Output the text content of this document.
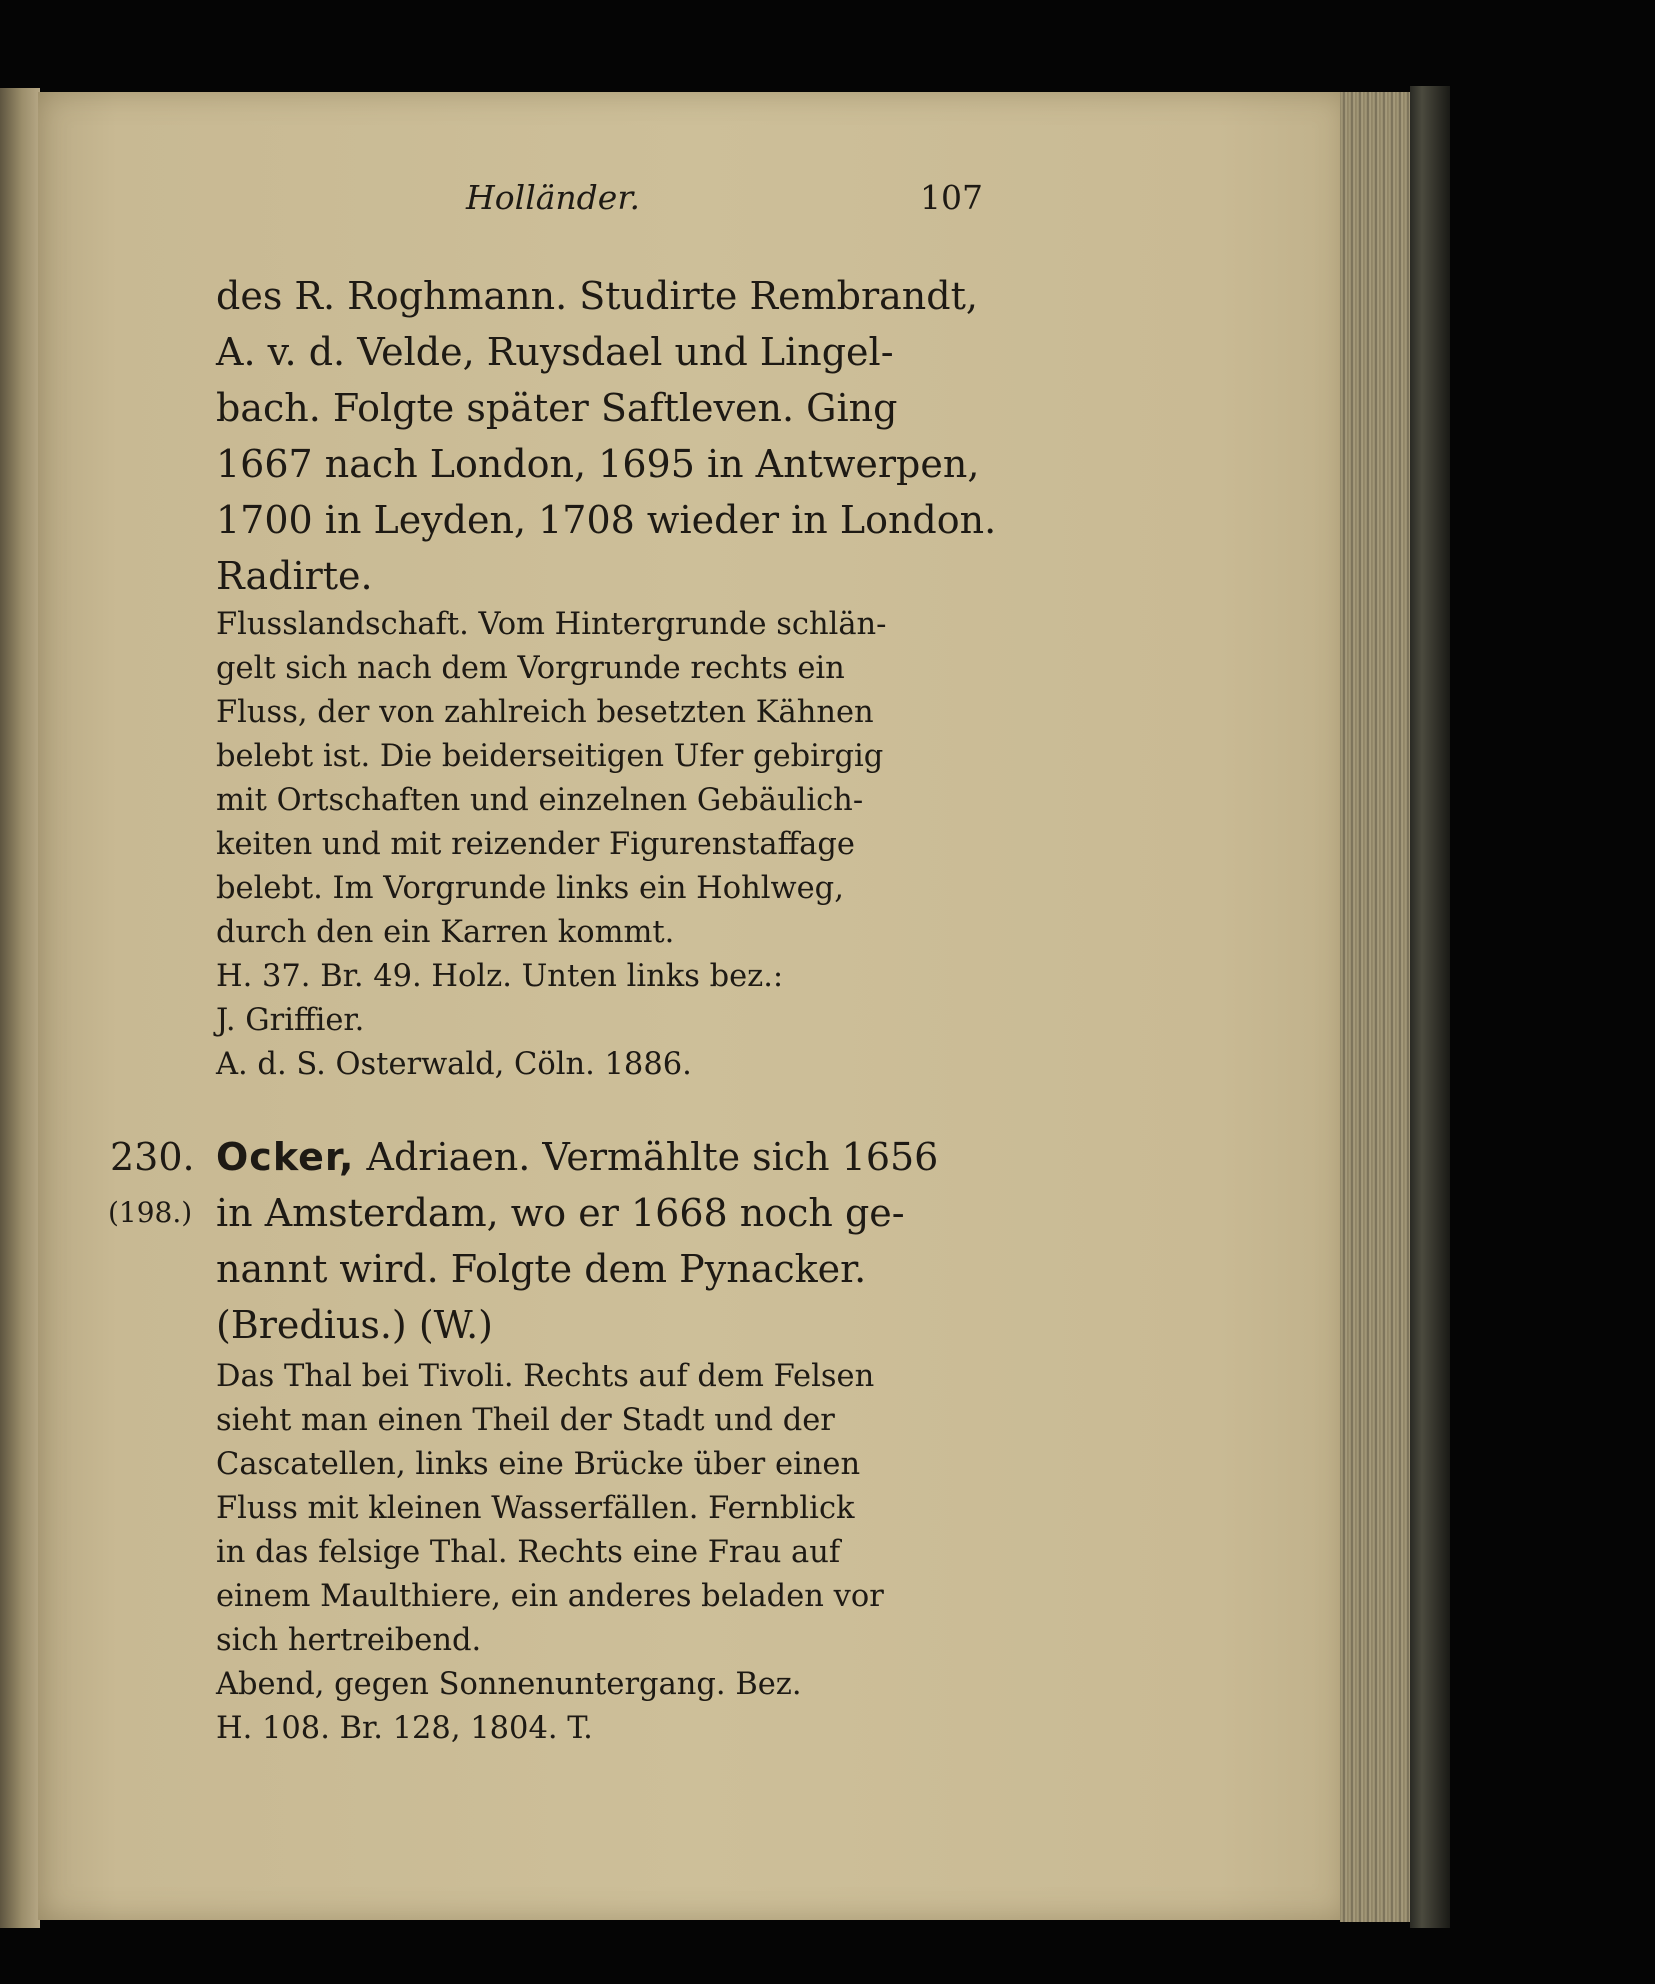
Holländer.	107
des R. Roghmann. Studirte Rembrandt,
A. v. d. Velde, Ruysdael und Lingel-
bach. Folgte später Saftleven. Ging
1667 nach London, 1695 in Antwerpen,
1700 in Leyden, 1708 wieder in London.
Radirte.
Flusslandschaft. Vom Hintergrunde schlän-
gelt sich nach dem Vorgrunde rechts ein
Fluss, der von zahlreich besetzten Kähnen
belebt ist. Die beiderseitigen Ufer gebirgig
mit Ortschaften und einzelnen Gebäulich-
keiten und mit reizender Figurenstaffage
belebt. Im Vorgrunde links ein Hohlweg,
durch den ein Karren kommt.
H. 37. Br. 49. Holz. Unten links bez.:
J. Griffier.
A. d. S. Osterwald, Cöln. 1886.
230.
(198.)
Ocker, Adriaen. Vermählte sich 1656
in Amsterdam, wo er 1668 noch ge-
nannt wird. Folgte dem Pynacker.
(Bredius.) (W.)
Das Thal bei Tivoli. Rechts auf dem Felsen
sieht man einen Theil der Stadt und der
Cascatellen, links eine Brücke über einen
Fluss mit kleinen Wasserfällen. Fernblick
in das felsige Thal. Rechts eine Frau auf
einem Maulthiere, ein anderes beladen vor
sich hertreibend.
Abend, gegen Sonnenuntergang. Bez.
H. 108. Br. 128, 1804. T.
